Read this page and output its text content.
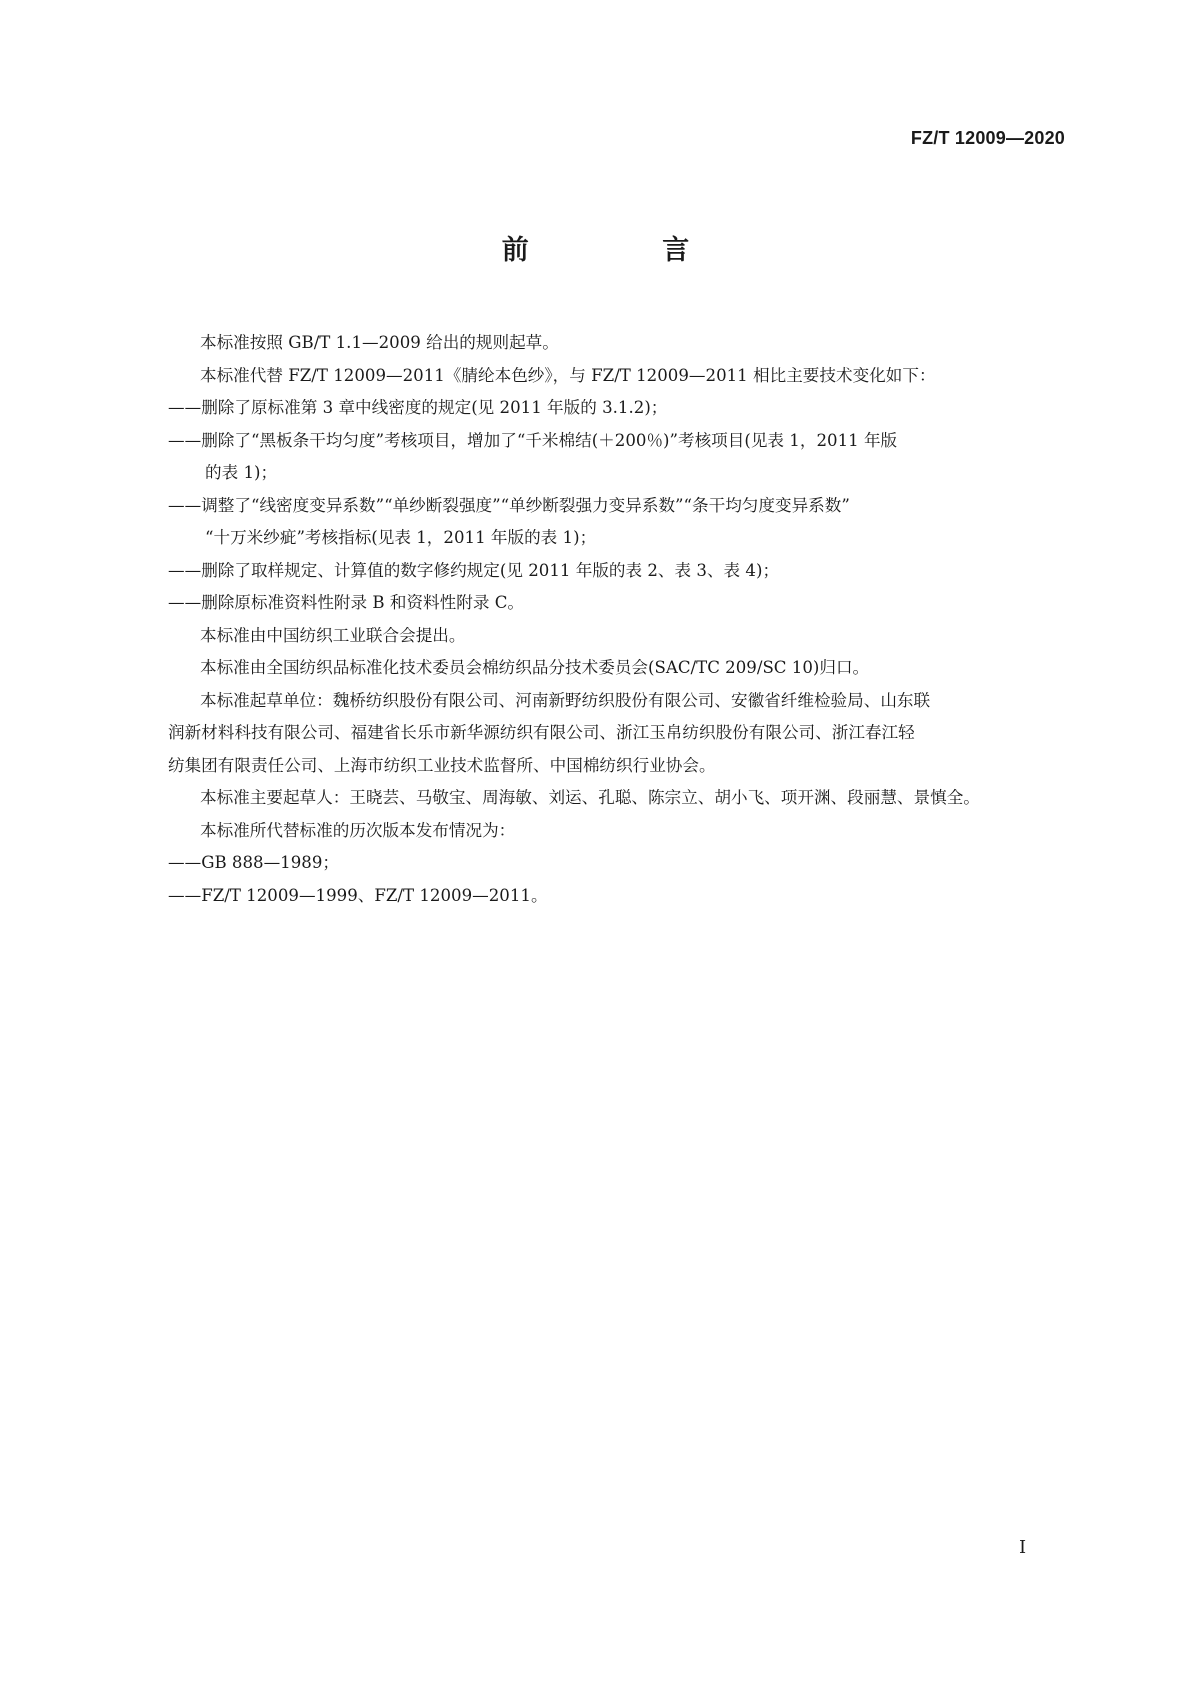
FZ/T 12009—2020
前 言

本标准按照 GB/T 1.1—2009 给出的规则起草。

本标准代替 FZ/T 12009—2011《腈纶本色纱》，与 FZ/T 12009—2011 相比主要技术变化如下：

——删除了原标准第 3 章中线密度的规定(见 2011 年版的 3.1.2)；

——删除了“黑板条干均匀度”考核项目，增加了“千米棉结(＋200％)”考核项目(见表 1，2011 年版
的表 1)；

——调整了“线密度变异系数”“单纱断裂强度”“单纱断裂强力变异系数”“条干均匀度变异系数”
“十万米纱疵”考核指标(见表 1，2011 年版的表 1)；

——删除了取样规定、计算值的数字修约规定(见 2011 年版的表 2、表 3、表 4)；

——删除原标准资料性附录 B 和资料性附录 C。

本标准由中国纺织工业联合会提出。

本标准由全国纺织品标准化技术委员会棉纺织品分技术委员会(SAC/TC 209/SC 10)归口。

本标准起草单位：魏桥纺织股份有限公司、河南新野纺织股份有限公司、安徽省纤维检验局、山东联

润新材料科技有限公司、福建省长乐市新华源纺织有限公司、浙江玉帛纺织股份有限公司、浙江春江轻

纺集团有限责任公司、上海市纺织工业技术监督所、中国棉纺织行业协会。

本标准主要起草人：王晓芸、马敬宝、周海敏、刘运、孔聪、陈宗立、胡小飞、项开渊、段丽慧、景慎全。

本标准所代替标准的历次版本发布情况为：

——GB 888—1989；

——FZ/T 12009—1999、FZ/T 12009—2011。

I
